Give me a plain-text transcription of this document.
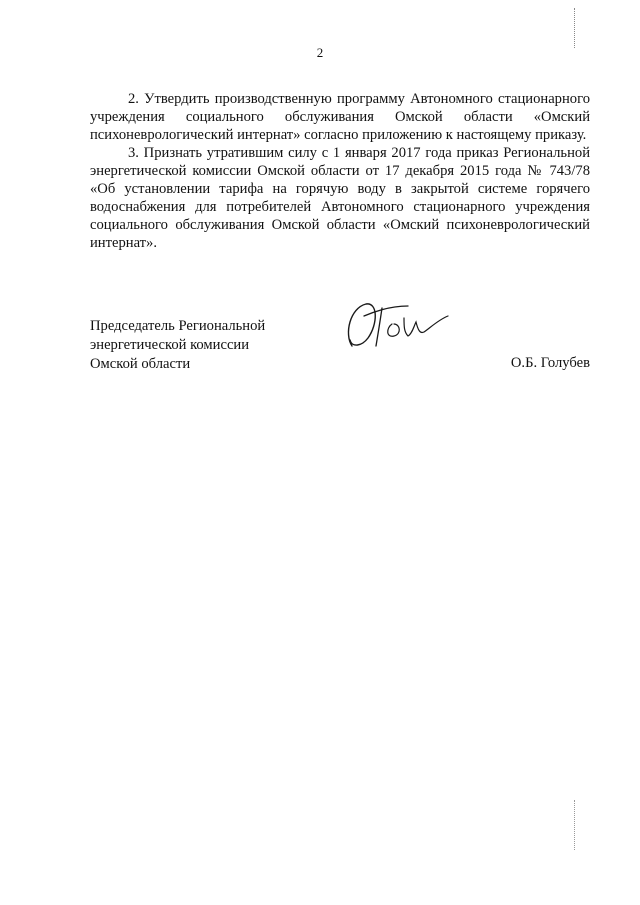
2

2. Утвердить производственную программу Автономного стационарного учреждения социального обслуживания Омской области «Омский психоневрологический интернат» согласно приложению к настоящему приказу.

3. Признать утратившим силу с 1 января 2017 года приказ Региональной энергетической комиссии Омской области от 17 декабря 2015 года № 743/78 «Об установлении тарифа на горячую воду в закрытой системе горячего водоснабжения для потребителей Автономного стационарного учреждения социального обслуживания Омской области «Омский психоневрологический интернат».

Председатель Региональной
энергетической комиссии
Омской области	О.Б. Голубев
